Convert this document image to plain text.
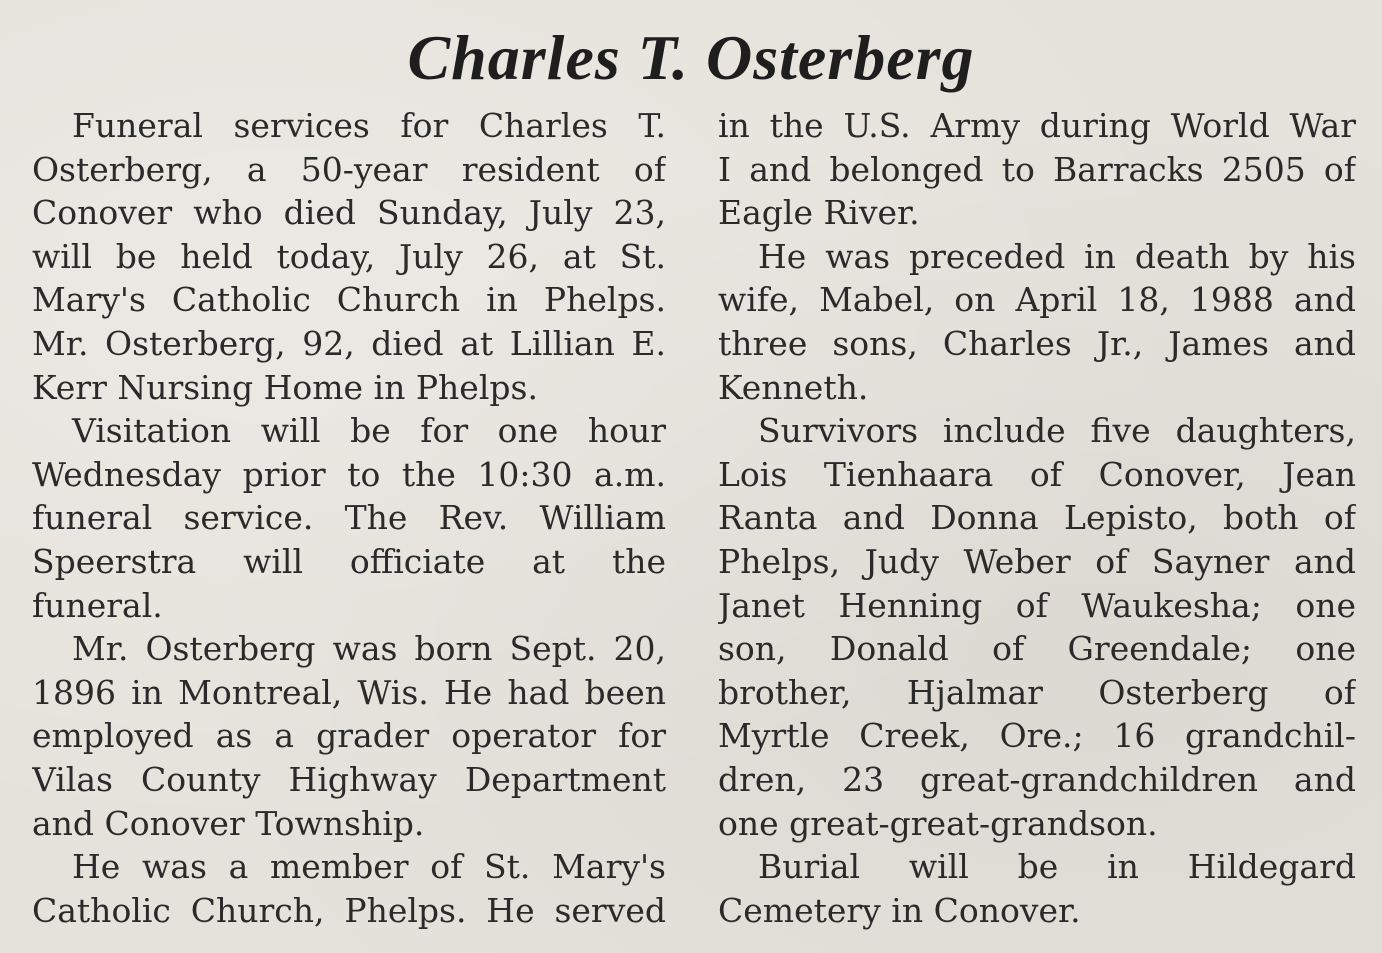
Charles T. Osterberg
Funeral services for Charles T.
Osterberg, a 50-year resident of
Conover who died Sunday, July 23,
will be held today, July 26, at St.
Mary's Catholic Church in Phelps.
Mr. Osterberg, 92, died at Lillian E.
Kerr Nursing Home in Phelps.
Visitation will be for one hour
Wednesday prior to the 10:30 a.m.
funeral service. The Rev. William
Speerstra will officiate at the
funeral.
Mr. Osterberg was born Sept. 20,
1896 in Montreal, Wis. He had been
employed as a grader operator for
Vilas County Highway Department
and Conover Township.
He was a member of St. Mary's
Catholic Church, Phelps. He served
in the U.S. Army during World War
I and belonged to Barracks 2505 of
Eagle River.
He was preceded in death by his
wife, Mabel, on April 18, 1988 and
three sons, Charles Jr., James and
Kenneth.
Survivors include five daughters,
Lois Tienhaara of Conover, Jean
Ranta and Donna Lepisto, both of
Phelps, Judy Weber of Sayner and
Janet Henning of Waukesha; one
son, Donald of Greendale; one
brother, Hjalmar Osterberg of
Myrtle Creek, Ore.; 16 grandchil-
dren, 23 great-grandchildren and
one great-great-grandson.
Burial will be in Hildegard
Cemetery in Conover.
